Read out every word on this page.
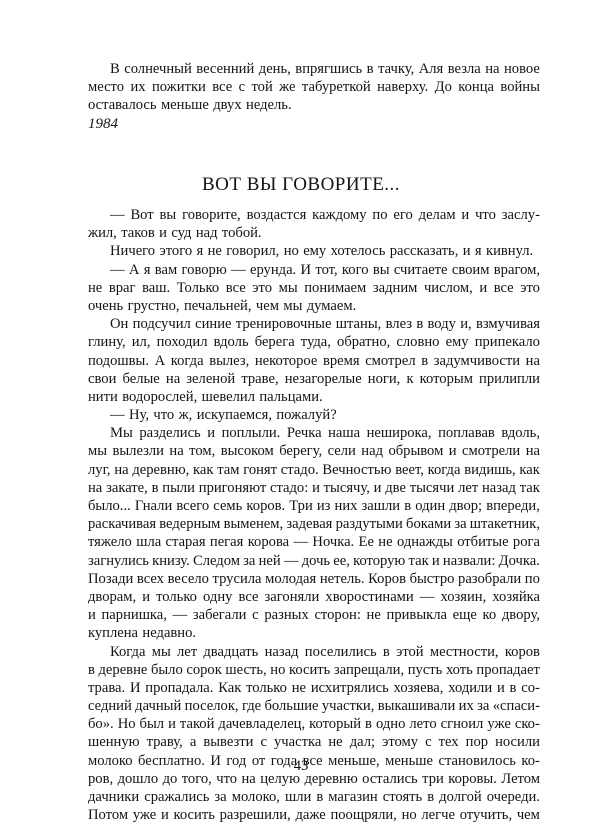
В солнечный весенний день, впрягшись в тачку, Аля везла на новое
место их пожитки все с той же табуреткой наверху. До конца войны
оставалось меньше двух недель.
1984
ВОТ ВЫ ГОВОРИТЕ...
— Вот вы говорите, воздастся каждому по его делам и что заслу-
жил, таков и суд над тобой.
Ничего этого я не говорил, но ему хотелось рассказать, и я кивнул.
— А я вам говорю — ерунда. И тот, кого вы считаете своим врагом,
не враг ваш. Только все это мы понимаем задним числом, и все это
очень грустно, печальней, чем мы думаем.
Он подсучил синие тренировочные штаны, влез в воду и, взмучивая
глину, ил, походил вдоль берега туда, обратно, словно ему припекало
подошвы. А когда вылез, некоторое время смотрел в задумчивости на
свои белые на зеленой траве, незагорелые ноги, к которым прилипли
нити водорослей, шевелил пальцами.
— Ну, что ж, искупаемся, пожалуй?
Мы разделись и поплыли. Речка наша неширока, поплавав вдоль,
мы вылезли на том, высоком берегу, сели над обрывом и смотрели на
луг, на деревню, как там гонят стадо. Вечностью веет, когда видишь, как
на закате, в пыли пригоняют стадо: и тысячу, и две тысячи лет назад так
было... Гнали всего семь коров. Три из них зашли в один двор; впереди,
раскачивая ведерным выменем, задевая раздутыми боками за штакетник,
тяжело шла старая пегая корова — Ночка. Ее не однажды отбитые рога
загнулись книзу. Следом за ней — дочь ее, которую так и назвали: Дочка.
Позади всех весело трусила молодая нетель. Коров быстро разобрали по
дворам, и только одну все загоняли хворостинами — хозяин, хозяйка
и парнишка, — забегали с разных сторон: не привыкла еще ко двору,
куплена недавно.
Когда мы лет двадцать назад поселились в этой местности, коров
в деревне было сорок шесть, но косить запрещали, пусть хоть пропадает
трава. И пропадала. Как только не исхитрялись хозяева, ходили и в со-
седний дачный поселок, где большие участки, выкашивали их за «спаси-
бо». Но был и такой дачевладелец, который в одно лето сгноил уже ско-
шенную траву, а вывезти с участка не дал; этому с тех пор носили
молоко бесплатно. И год от года все меньше, меньше становилось ко-
ров, дошло до того, что на целую деревню остались три коровы. Летом
дачники сражались за молоко, шли в магазин стоять в долгой очереди.
Потом уже и косить разрешили, даже поощряли, но легче отучить, чем
43
